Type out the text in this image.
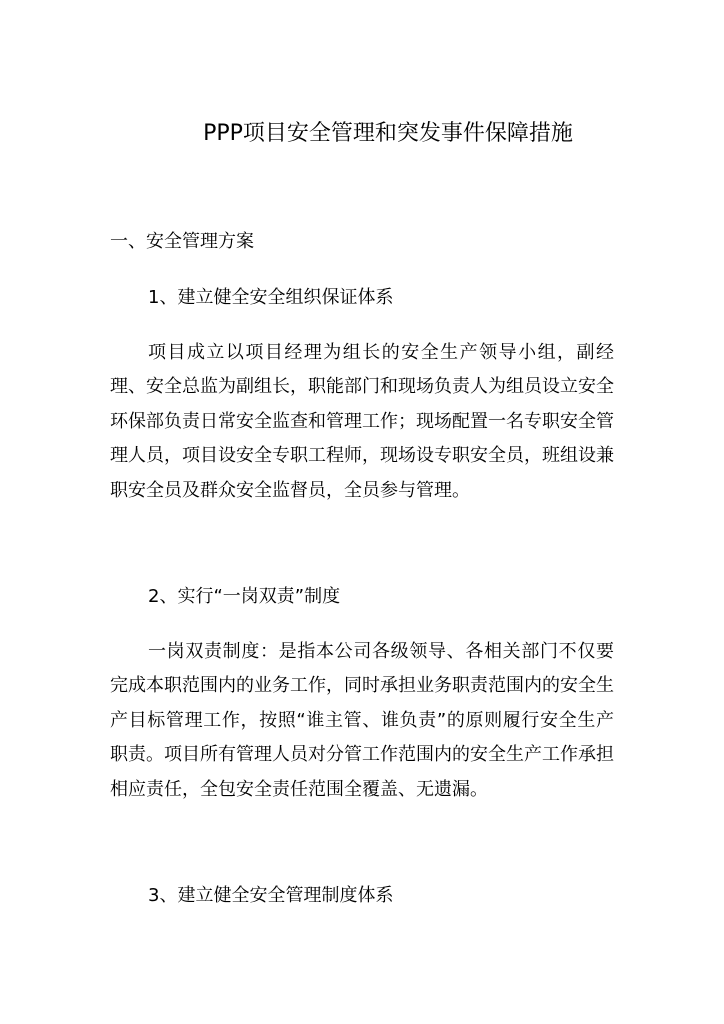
PPP项目安全管理和突发事件保障措施
一、安全管理方案
1、建立健全安全组织保证体系
项目成立以项目经理为组长的安全生产领导小组，副经理、安全总监为副组长，职能部门和现场负责人为组员设立安全环保部负责日常安全监查和管理工作；现场配置一名专职安全管理人员，项目设安全专职工程师，现场设专职安全员，班组设兼职安全员及群众安全监督员，全员参与管理。
2、实行“一岗双责”制度
一岗双责制度：是指本公司各级领导、各相关部门不仅要完成本职范围内的业务工作，同时承担业务职责范围内的安全生产目标管理工作，按照“谁主管、谁负责”的原则履行安全生产职责。项目所有管理人员对分管工作范围内的安全生产工作承担相应责任，全包安全责任范围全覆盖、无遗漏。
3、建立健全安全管理制度体系
